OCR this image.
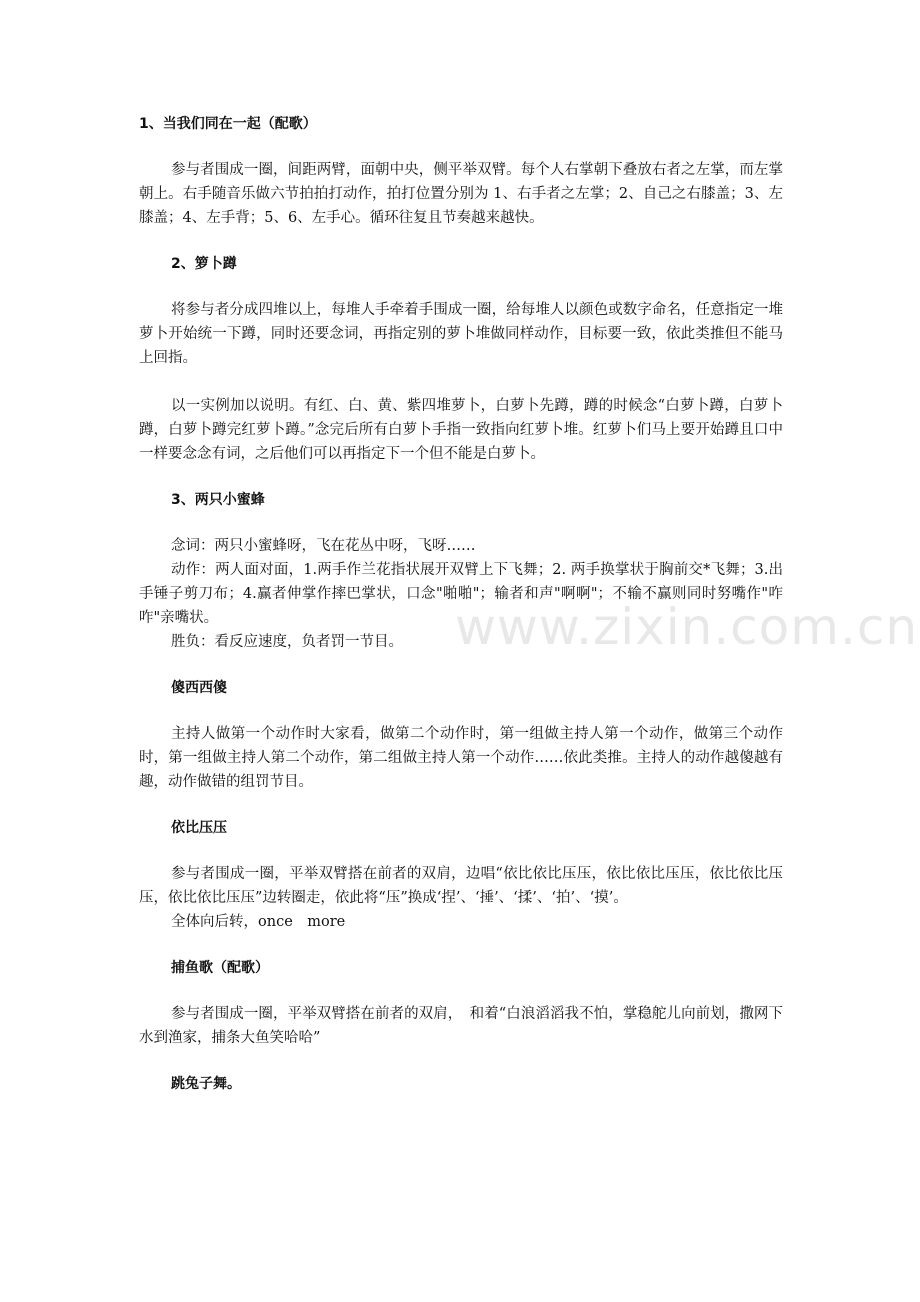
www.zixin.com.cn

1、当我们同在一起（配歌）

参与者围成一圈，间距两臂，面朝中央，侧平举双臂。每个人右掌朝下叠放右者之左掌，而左掌朝上。右手随音乐做六节拍拍打动作，拍打位置分别为 1、右手者之左掌；2、自己之右膝盖；3、左膝盖；4、左手背；5、6、左手心。循环往复且节奏越来越快。

2、箩卜蹲

将参与者分成四堆以上，每堆人手牵着手围成一圈，给每堆人以颜色或数字命名，任意指定一堆萝卜开始统一下蹲，同时还要念词，再指定别的萝卜堆做同样动作，目标要一致，依此类推但不能马上回指。

以一实例加以说明。有红、白、黄、紫四堆萝卜，白萝卜先蹲，蹲的时候念“白萝卜蹲，白萝卜蹲，白萝卜蹲完红萝卜蹲。”念完后所有白萝卜手指一致指向红萝卜堆。红萝卜们马上要开始蹲且口中一样要念念有词，之后他们可以再指定下一个但不能是白萝卜。

3、两只小蜜蜂

念词：两只小蜜蜂呀，飞在花丛中呀，飞呀……

动作：两人面对面，1.两手作兰花指状展开双臂上下飞舞；2. 两手换掌状于胸前交*飞舞；3.出手锤子剪刀布；4.赢者伸掌作摔巴掌状，口念"啪啪"；输者和声"啊啊"；不输不赢则同时努嘴作"咋咋"亲嘴状。

胜负：看反应速度，负者罚一节目。

傻西西傻

主持人做第一个动作时大家看，做第二个动作时，第一组做主持人第一个动作，做第三个动作时，第一组做主持人第二个动作，第二组做主持人第一个动作……依此类推。主持人的动作越傻越有趣，动作做错的组罚节目。

依比压压

参与者围成一圈，平举双臂搭在前者的双肩，边唱“依比依比压压，依比依比压压，依比依比压压，依比依比压压”边转圈走，依此将“压”换成‘捏’、‘捶’、‘揉’、‘拍’、‘摸’。

全体向后转，once　more

捕鱼歌（配歌）

参与者围成一圈，平举双臂搭在前者的双肩，　和着“白浪滔滔我不怕，掌稳舵儿向前划，撒网下水到渔家，捕条大鱼笑哈哈”

跳兔子舞。
